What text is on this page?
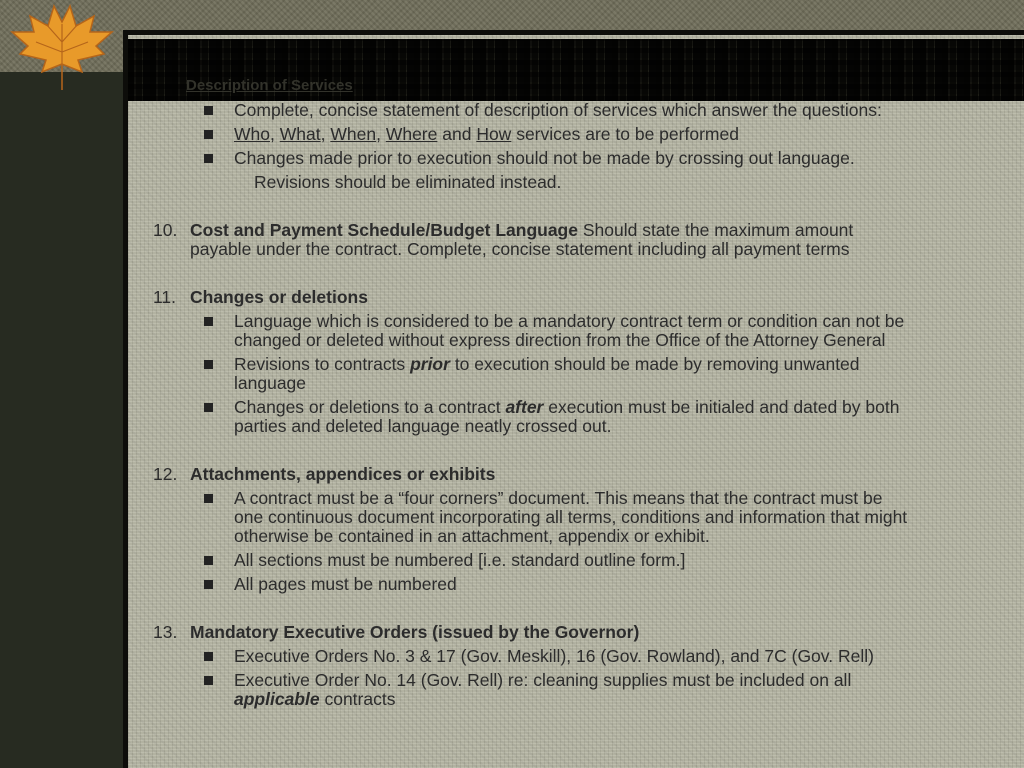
Description of Services
Complete, concise statement of description of services which answer the questions:
Who, What, When, Where and How services are to be performed
Changes made prior to execution should not be made by crossing out language.
Revisions should be eliminated instead.
10. Cost and Payment Schedule/Budget Language Should state the maximum amount
payable under the contract. Complete, concise statement including all payment terms
11. Changes or deletions
Language which is considered to be a mandatory contract term or condition can not be
changed or deleted without express direction from the Office of the Attorney General
Revisions to contracts prior to execution should be made by removing unwanted
language
Changes or deletions to a contract after execution must be initialed and dated by both
parties and deleted language neatly crossed out.
12. Attachments, appendices or exhibits
A contract must be a “four corners” document. This means that the contract must be
one continuous document incorporating all terms, conditions and information that might
otherwise be contained in an attachment, appendix or exhibit.
All sections must be numbered [i.e. standard outline form.]
All pages must be numbered
13. Mandatory Executive Orders (issued by the Governor)
Executive Orders No. 3 & 17 (Gov. Meskill), 16 (Gov. Rowland), and 7C (Gov. Rell)
Executive Order No. 14 (Gov. Rell) re: cleaning supplies must be included on all
applicable contracts
